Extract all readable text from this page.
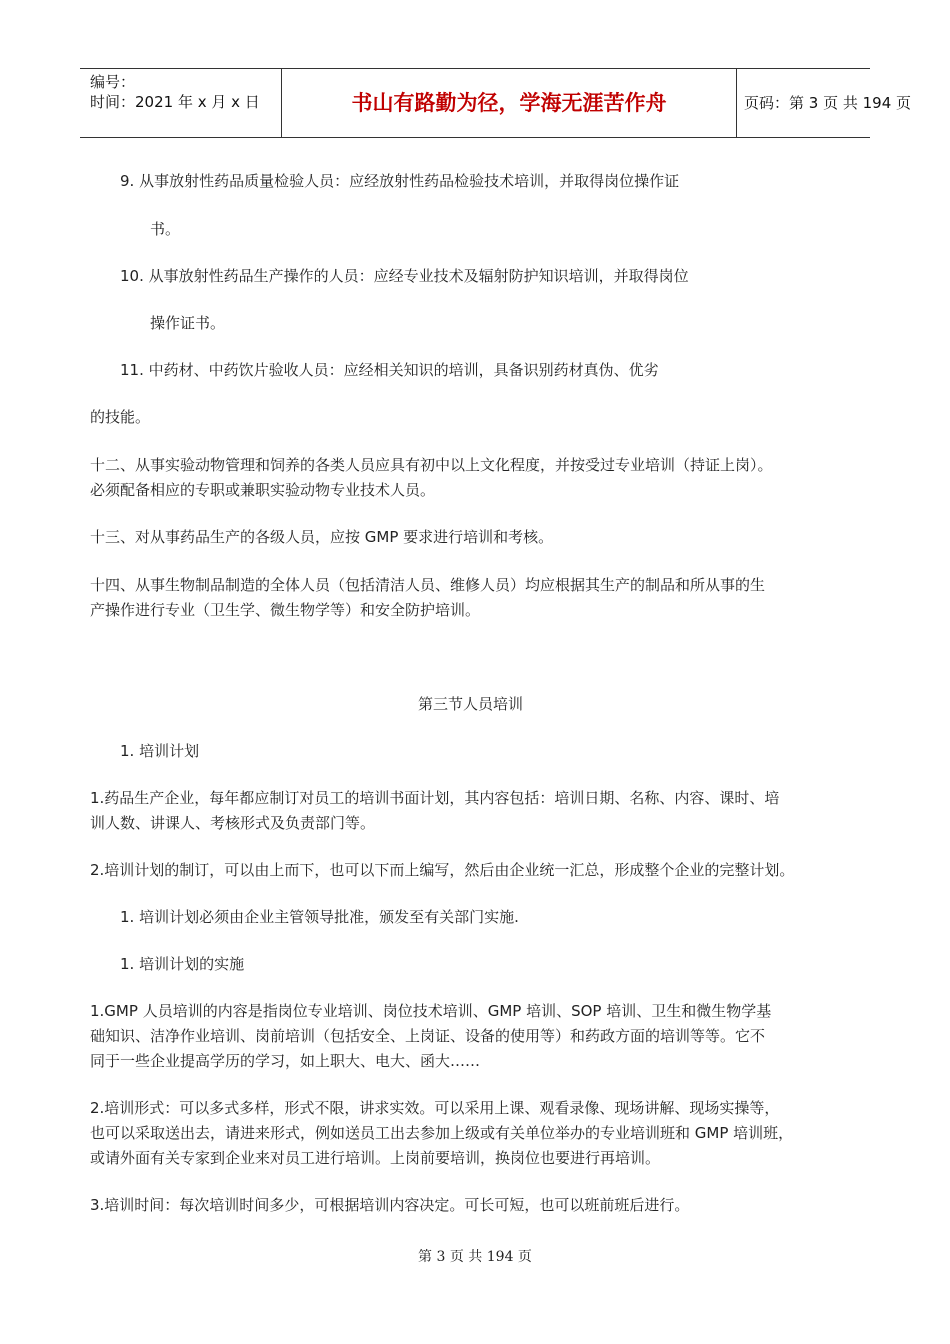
编号：
时间：2021 年 x 月 x 日	书山有路勤为径，学海无涯苦作舟	页码：第 3 页 共 194 页
9. 从事放射性药品质量检验人员：应经放射性药品检验技术培训，并取得岗位操作证
书。
10. 从事放射性药品生产操作的人员：应经专业技术及辐射防护知识培训，并取得岗位
操作证书。
11. 中药材、中药饮片验收人员：应经相关知识的培训，具备识别药材真伪、优劣
的技能。
十二、从事实验动物管理和饲养的各类人员应具有初中以上文化程度，并按受过专业培训（持证上岗）。
必须配备相应的专职或兼职实验动物专业技术人员。
十三、对从事药品生产的各级人员，应按 GMP 要求进行培训和考核。
十四、从事生物制品制造的全体人员（包括清洁人员、维修人员）均应根据其生产的制品和所从事的生
产操作进行专业（卫生学、微生物学等）和安全防护培训。
第三节人员培训
1. 培训计划
1.药品生产企业，每年都应制订对员工的培训书面计划，其内容包括：培训日期、名称、内容、课时、培
训人数、讲课人、考核形式及负责部门等。
2.培训计划的制订，可以由上而下，也可以下而上编写，然后由企业统一汇总，形成整个企业的完整计划。
1. 培训计划必须由企业主管领导批准，颁发至有关部门实施.
1. 培训计划的实施
1.GMP 人员培训的内容是指岗位专业培训、岗位技术培训、GMP 培训、SOP 培训、卫生和微生物学基
础知识、洁净作业培训、岗前培训（包括安全、上岗证、设备的使用等）和药政方面的培训等等。它不
同于一些企业提高学历的学习，如上职大、电大、函大……
2.培训形式：可以多式多样，形式不限，讲求实效。可以采用上课、观看录像、现场讲解、现场实操等，
也可以采取送出去，请进来形式，例如送员工出去参加上级或有关单位举办的专业培训班和 GMP 培训班，
或请外面有关专家到企业来对员工进行培训。上岗前要培训，换岗位也要进行再培训。
3.培训时间：每次培训时间多少，可根据培训内容决定。可长可短，也可以班前班后进行。
第 3 页 共 194 页
